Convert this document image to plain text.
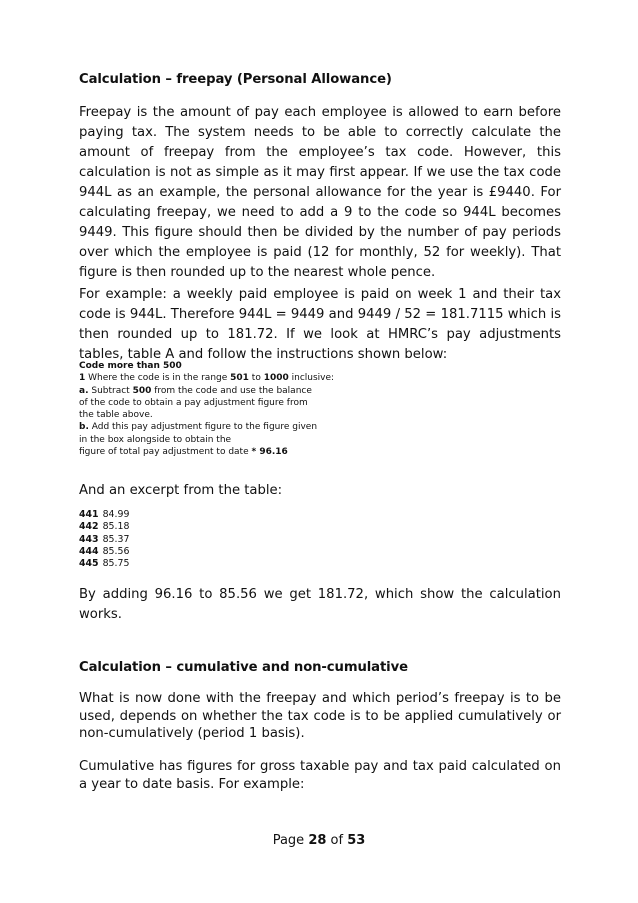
Calculation – freepay (Personal Allowance)

Freepay is the amount of pay each employee is allowed to earn before paying tax. The system needs to be able to correctly calculate the amount of freepay from the employee’s tax code. However, this calculation is not as simple as it may first appear. If we use the tax code 944L as an example, the personal allowance for the year is £9440. For calculating freepay, we need to add a 9 to the code so 944L becomes 9449. This figure should then be divided by the number of pay periods over which the employee is paid (12 for monthly, 52 for weekly). That figure is then rounded up to the nearest whole pence.

For example: a weekly paid employee is paid on week 1 and their tax code is 944L. Therefore 944L = 9449 and 9449 / 52 = 181.7115 which is then rounded up to 181.72. If we look at HMRC’s pay adjustments tables, table A and follow the instructions shown below:

Code more than 500
1 Where the code is in the range 501 to 1000 inclusive:
a. Subtract 500 from the code and use the balance
of the code to obtain a pay adjustment figure from
the table above.
b. Add this pay adjustment figure to the figure given
in the box alongside to obtain the
figure of total pay adjustment to date * 96.16

And an excerpt from the table:

441 84.99
442 85.18
443 85.37
444 85.56
445 85.75

By adding 96.16 to 85.56 we get 181.72, which show the calculation works.

Calculation – cumulative and non-cumulative

What is now done with the freepay and which period’s freepay is to be used, depends on whether the tax code is to be applied cumulatively or non-cumulatively (period 1 basis).

Cumulative has figures for gross taxable pay and tax paid calculated on a year to date basis. For example:

Page 28 of 53
